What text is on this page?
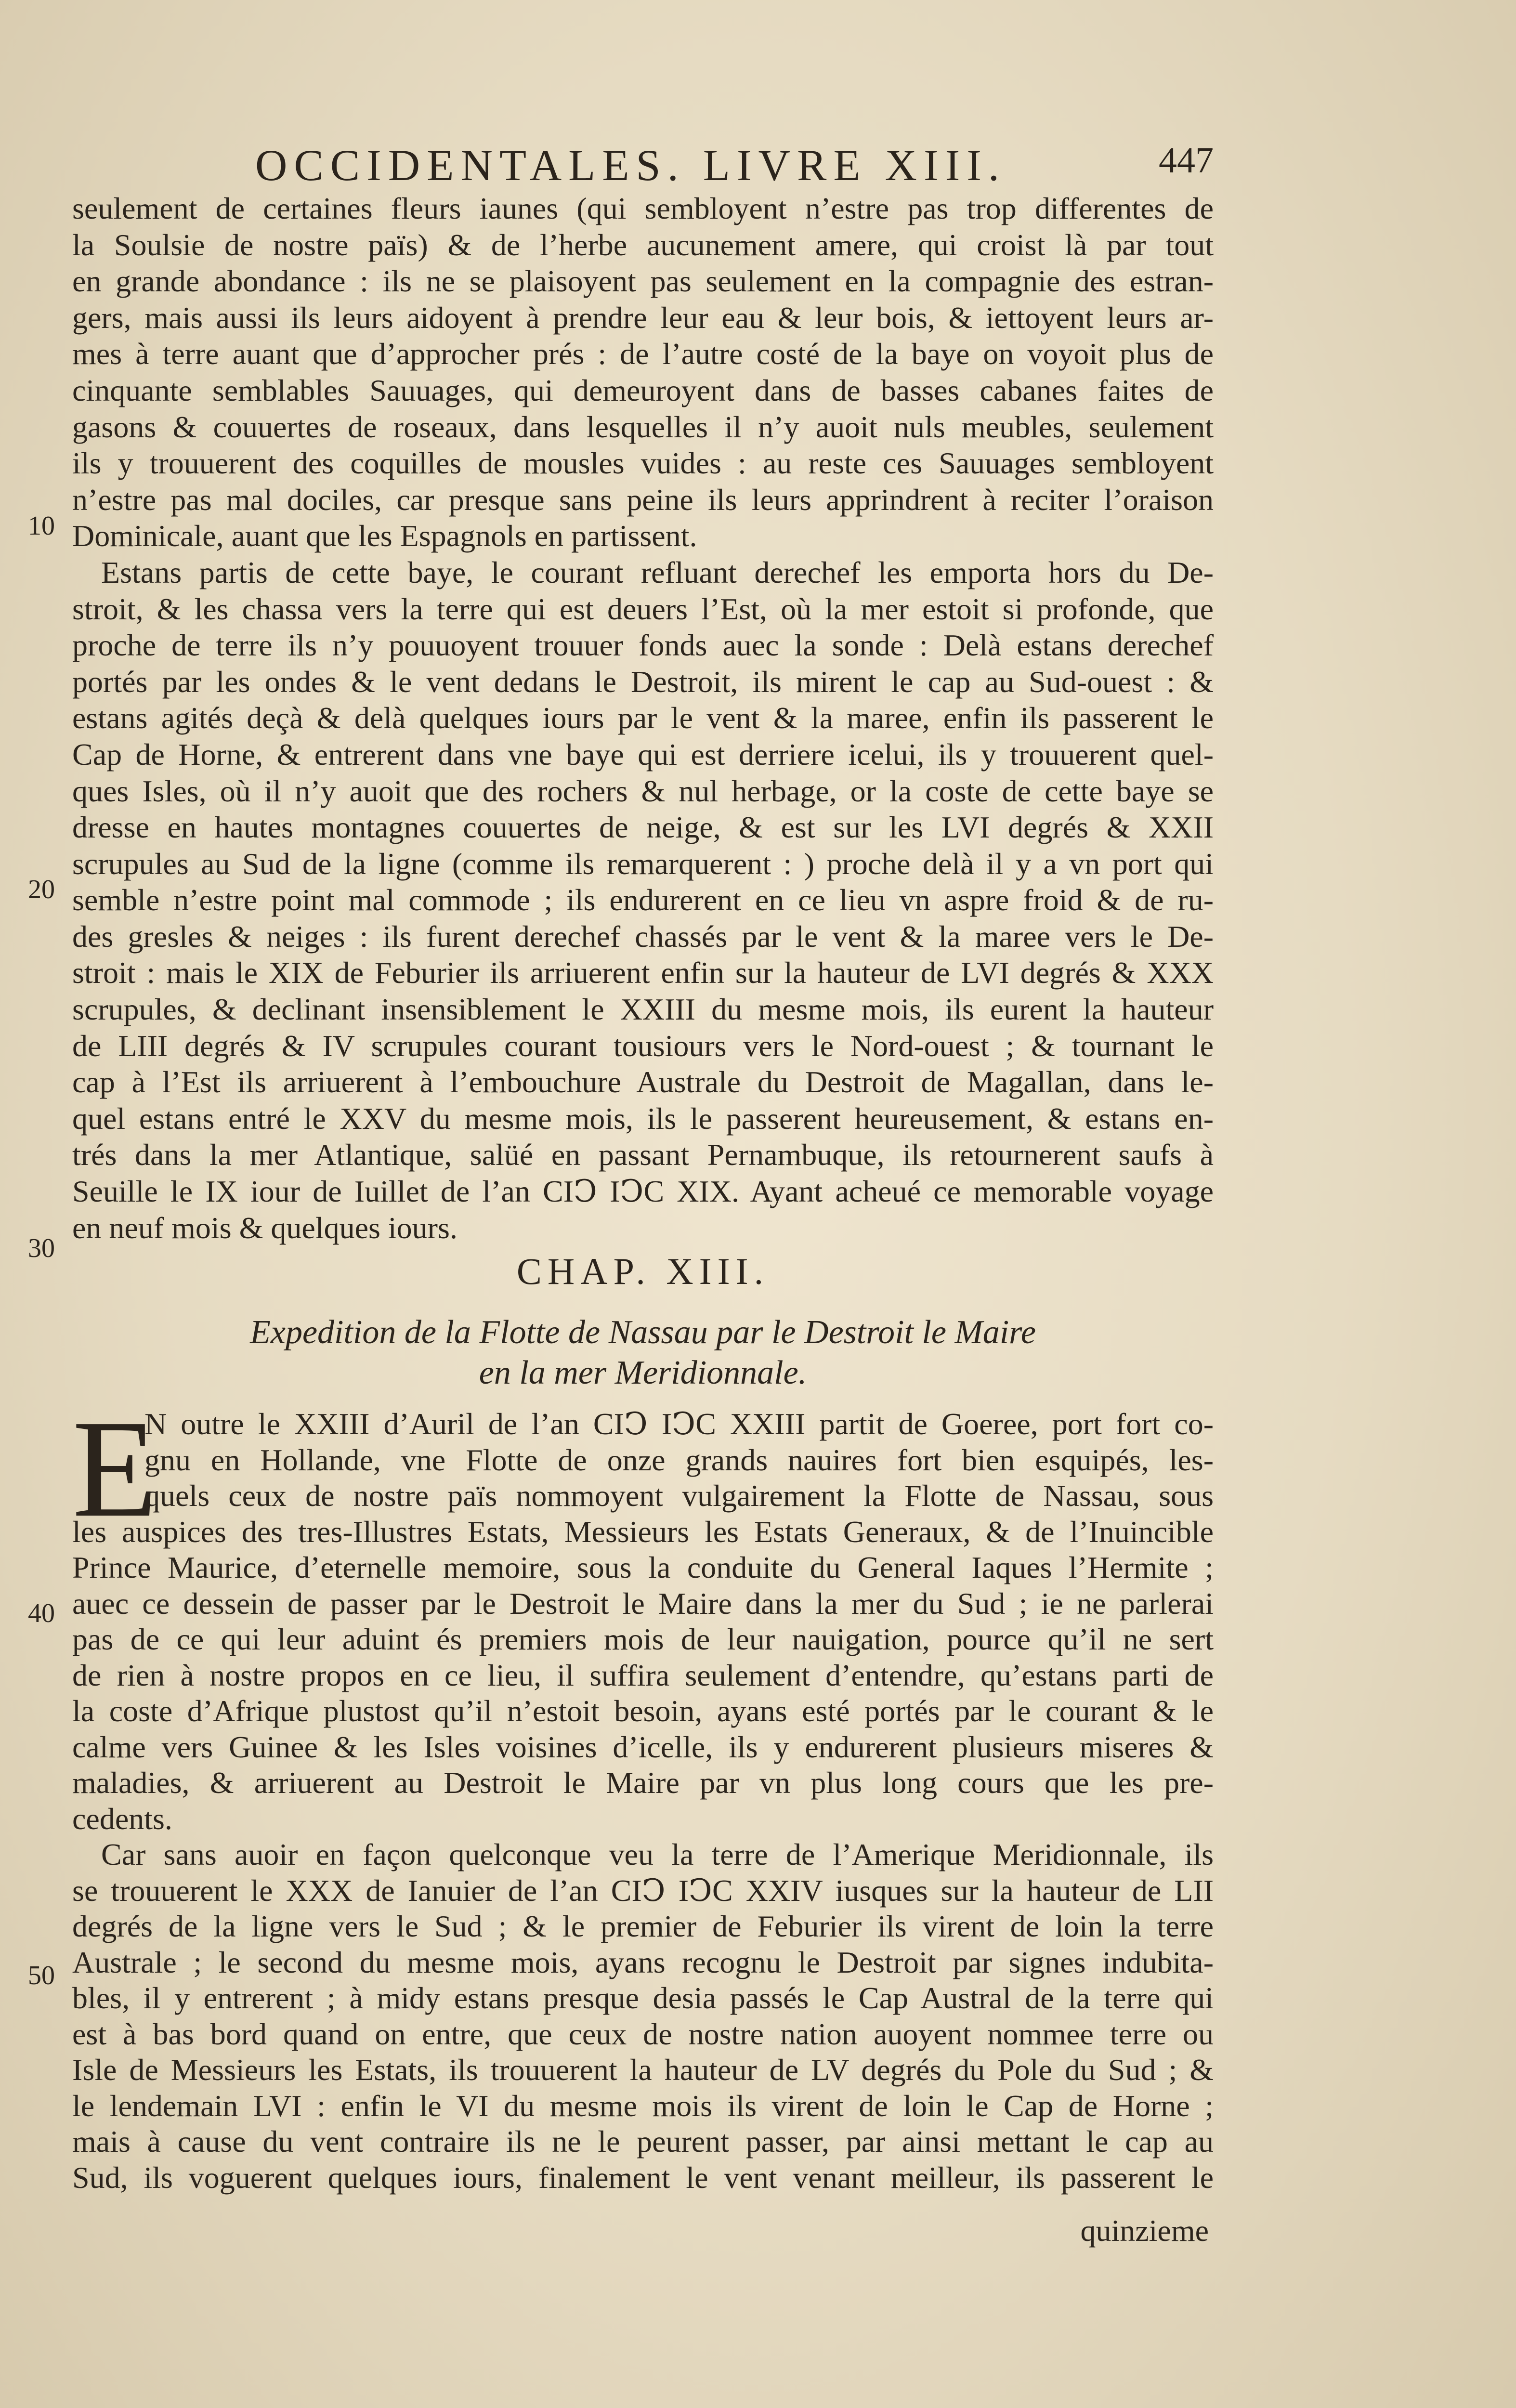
OCCIDENTALES. LIVRE XIII.	447
10
20
30
40
50
seulement de certaines fleurs iaunes (qui sembloyent n’estre pas trop differentes de
la Soulsie de nostre païs) & de l’herbe aucunement amere, qui croist là par tout
en grande abondance : ils ne se plaisoyent pas seulement en la compagnie des estran-
gers, mais aussi ils leurs aidoyent à prendre leur eau & leur bois, & iettoyent leurs ar-
mes à terre auant que d’approcher prés : de l’autre costé de la baye on voyoit plus de
cinquante semblables Sauuages, qui demeuroyent dans de basses cabanes faites de
gasons & couuertes de roseaux, dans lesquelles il n’y auoit nuls meubles, seulement
ils y trouuerent des coquilles de mousles vuides : au reste ces Sauuages sembloyent
n’estre pas mal dociles, car presque sans peine ils leurs apprindrent à reciter l’oraison
Dominicale, auant que les Espagnols en partissent.
Estans partis de cette baye, le courant refluant derechef les emporta hors du De-
stroit, & les chassa vers la terre qui est deuers l’Est, où la mer estoit si profonde, que
proche de terre ils n’y pouuoyent trouuer fonds auec la sonde : Delà estans derechef
portés par les ondes & le vent dedans le Destroit, ils mirent le cap au Sud-ouest : &
estans agités deçà & delà quelques iours par le vent & la maree, enfin ils passerent le
Cap de Horne, & entrerent dans vne baye qui est derriere icelui, ils y trouuerent quel-
ques Isles, où il n’y auoit que des rochers & nul herbage, or la coste de cette baye se
dresse en hautes montagnes couuertes de neige, & est sur les LVI degrés & XXII
scrupules au Sud de la ligne (comme ils remarquerent : ) proche delà il y a vn port qui
semble n’estre point mal commode ; ils endurerent en ce lieu vn aspre froid & de ru-
des gresles & neiges : ils furent derechef chassés par le vent & la maree vers le De-
stroit : mais le XIX de Feburier ils arriuerent enfin sur la hauteur de LVI degrés & XXX
scrupules, & declinant insensiblement le XXIII du mesme mois, ils eurent la hauteur
de LIII degrés & IV scrupules courant tousiours vers le Nord-ouest ; & tournant le
cap à l’Est ils arriuerent à l’embouchure Australe du Destroit de Magallan, dans le-
quel estans entré le XXV du mesme mois, ils le passerent heureusement, & estans en-
trés dans la mer Atlantique, salüé en passant Pernambuque, ils retournerent saufs à
Seuille le IX iour de Iuillet de l’an CIↃ IↃC XIX. Ayant acheué ce memorable voyage
en neuf mois & quelques iours.
CHAP. XIII.
Expedition de la Flotte de Nassau par le Destroit le Maire
en la mer Meridionnale.
E
N outre le XXIII d’Auril de l’an CIↃ IↃC XXIII partit de Goeree, port fort co-
gnu en Hollande, vne Flotte de onze grands nauires fort bien esquipés, les-
quels ceux de nostre païs nommoyent vulgairement la Flotte de Nassau, sous
les auspices des tres-Illustres Estats, Messieurs les Estats Generaux, & de l’Inuincible
Prince Maurice, d’eternelle memoire, sous la conduite du General Iaques l’Hermite ;
auec ce dessein de passer par le Destroit le Maire dans la mer du Sud ; ie ne parlerai
pas de ce qui leur aduint és premiers mois de leur nauigation, pource qu’il ne sert
de rien à nostre propos en ce lieu, il suffira seulement d’entendre, qu’estans parti de
la coste d’Afrique plustost qu’il n’estoit besoin, ayans esté portés par le courant & le
calme vers Guinee & les Isles voisines d’icelle, ils y endurerent plusieurs miseres &
maladies, & arriuerent au Destroit le Maire par vn plus long cours que les pre-
cedents.
Car sans auoir en façon quelconque veu la terre de l’Amerique Meridionnale, ils
se trouuerent le XXX de Ianuier de l’an CIↃ IↃC XXIV iusques sur la hauteur de LII
degrés de la ligne vers le Sud ; & le premier de Feburier ils virent de loin la terre
Australe ; le second du mesme mois, ayans recognu le Destroit par signes indubita-
bles, il y entrerent ; à midy estans presque desia passés le Cap Austral de la terre qui
est à bas bord quand on entre, que ceux de nostre nation auoyent nommee terre ou
Isle de Messieurs les Estats, ils trouuerent la hauteur de LV degrés du Pole du Sud ; &
le lendemain LVI : enfin le VI du mesme mois ils virent de loin le Cap de Horne ;
mais à cause du vent contraire ils ne le peurent passer, par ainsi mettant le cap au
Sud, ils voguerent quelques iours, finalement le vent venant meilleur, ils passerent le
quinzieme
